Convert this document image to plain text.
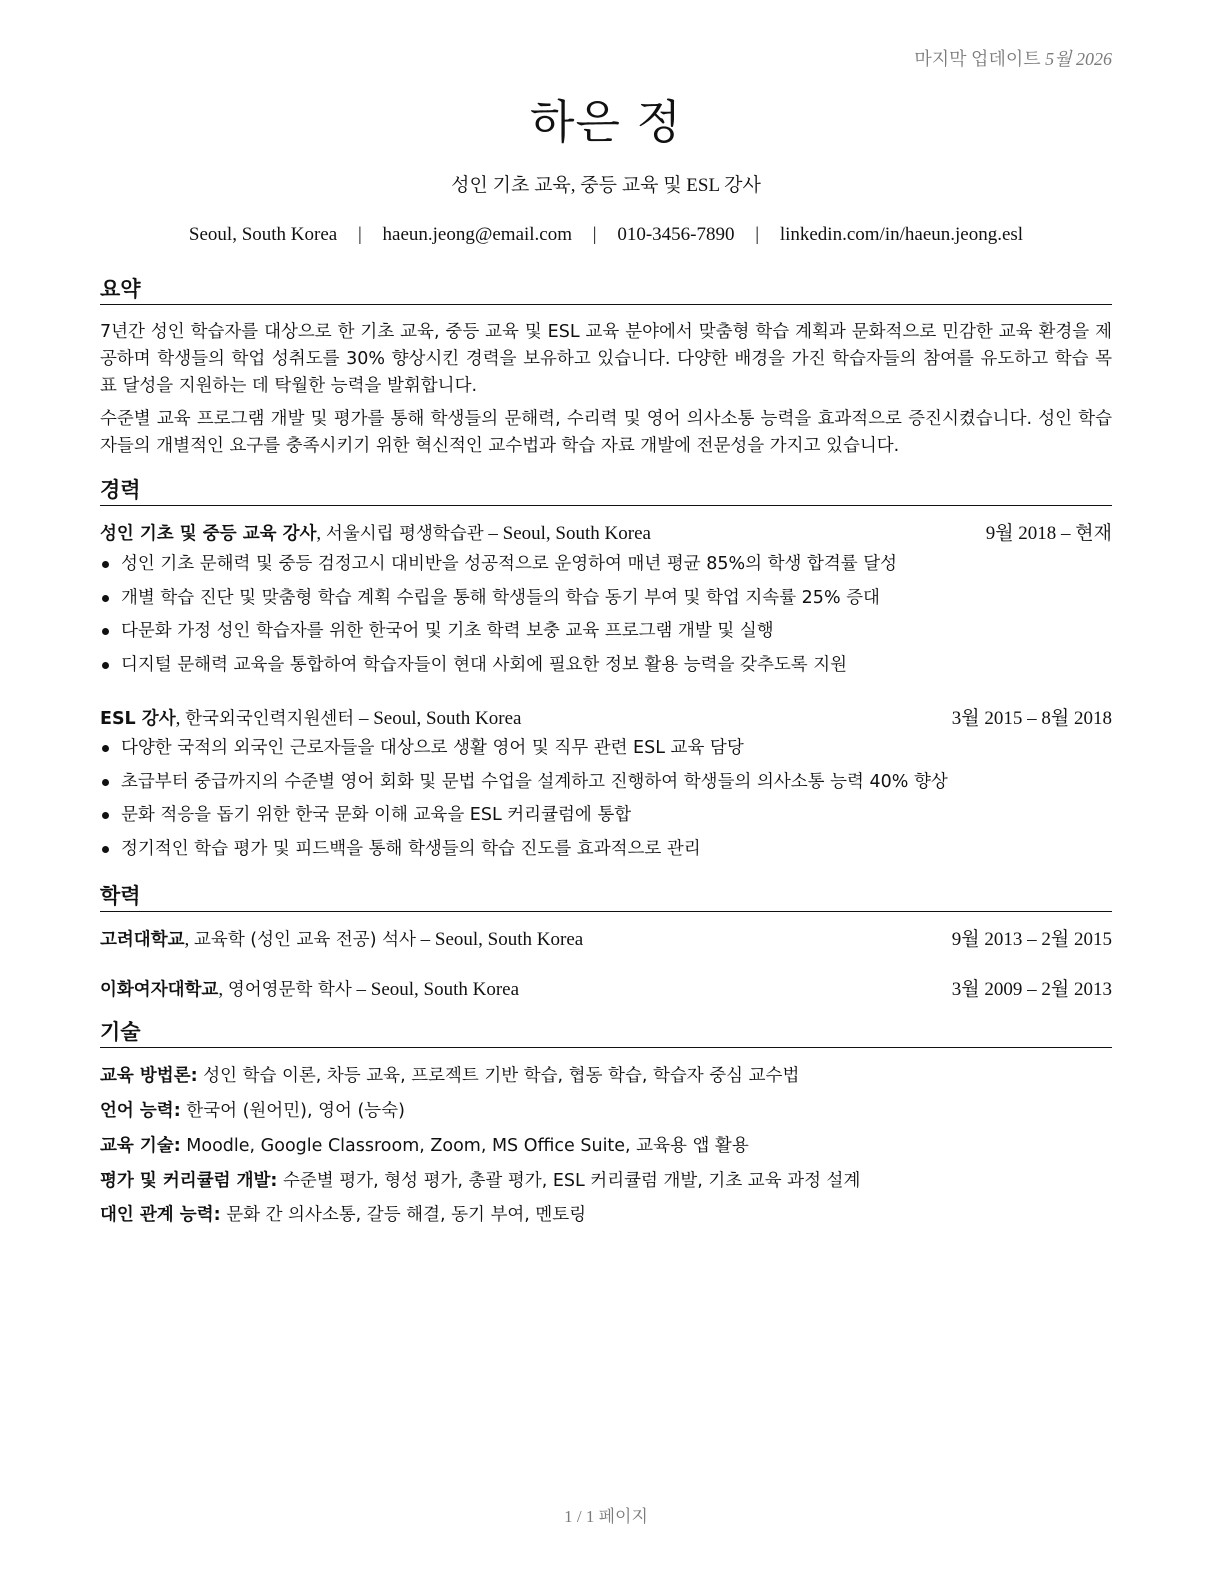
마지막 업데이트 5월 2026
하은 정
성인 기초 교육, 중등 교육 및 ESL 강사
Seoul, South Korea | haeun.jeong@email.com | 010-3456-7890 | linkedin.com/in/haeun.jeong.esl
요약
7년간 성인 학습자를 대상으로 한 기초 교육, 중등 교육 및 ESL 교육 분야에서 맞춤형 학습 계획과 문화적으로 민감한 교육 환경을 제공하며 학생들의 학업 성취도를 30% 향상시킨 경력을 보유하고 있습니다. 다양한 배경을 가진 학습자들의 참여를 유도하고 학습 목표 달성을 지원하는 데 탁월한 능력을 발휘합니다.
수준별 교육 프로그램 개발 및 평가를 통해 학생들의 문해력, 수리력 및 영어 의사소통 능력을 효과적으로 증진시켰습니다. 성인 학습자들의 개별적인 요구를 충족시키기 위한 혁신적인 교수법과 학습 자료 개발에 전문성을 가지고 있습니다.
경력
성인 기초 및 중등 교육 강사, 서울시립 평생학습관 – Seoul, South Korea	9월 2018 – 현재
성인 기초 문해력 및 중등 검정고시 대비반을 성공적으로 운영하여 매년 평균 85%의 학생 합격률 달성
개별 학습 진단 및 맞춤형 학습 계획 수립을 통해 학생들의 학습 동기 부여 및 학업 지속률 25% 증대
다문화 가정 성인 학습자를 위한 한국어 및 기초 학력 보충 교육 프로그램 개발 및 실행
디지털 문해력 교육을 통합하여 학습자들이 현대 사회에 필요한 정보 활용 능력을 갖추도록 지원
ESL 강사, 한국외국인력지원센터 – Seoul, South Korea	3월 2015 – 8월 2018
다양한 국적의 외국인 근로자들을 대상으로 생활 영어 및 직무 관련 ESL 교육 담당
초급부터 중급까지의 수준별 영어 회화 및 문법 수업을 설계하고 진행하여 학생들의 의사소통 능력 40% 향상
문화 적응을 돕기 위한 한국 문화 이해 교육을 ESL 커리큘럼에 통합
정기적인 학습 평가 및 피드백을 통해 학생들의 학습 진도를 효과적으로 관리
학력
고려대학교, 교육학 (성인 교육 전공) 석사 – Seoul, South Korea	9월 2013 – 2월 2015
이화여자대학교, 영어영문학 학사 – Seoul, South Korea	3월 2009 – 2월 2013
기술
교육 방법론: 성인 학습 이론, 차등 교육, 프로젝트 기반 학습, 협동 학습, 학습자 중심 교수법
언어 능력: 한국어 (원어민), 영어 (능숙)
교육 기술: Moodle, Google Classroom, Zoom, MS Office Suite, 교육용 앱 활용
평가 및 커리큘럼 개발: 수준별 평가, 형성 평가, 총괄 평가, ESL 커리큘럼 개발, 기초 교육 과정 설계
대인 관계 능력: 문화 간 의사소통, 갈등 해결, 동기 부여, 멘토링
1 / 1 페이지
